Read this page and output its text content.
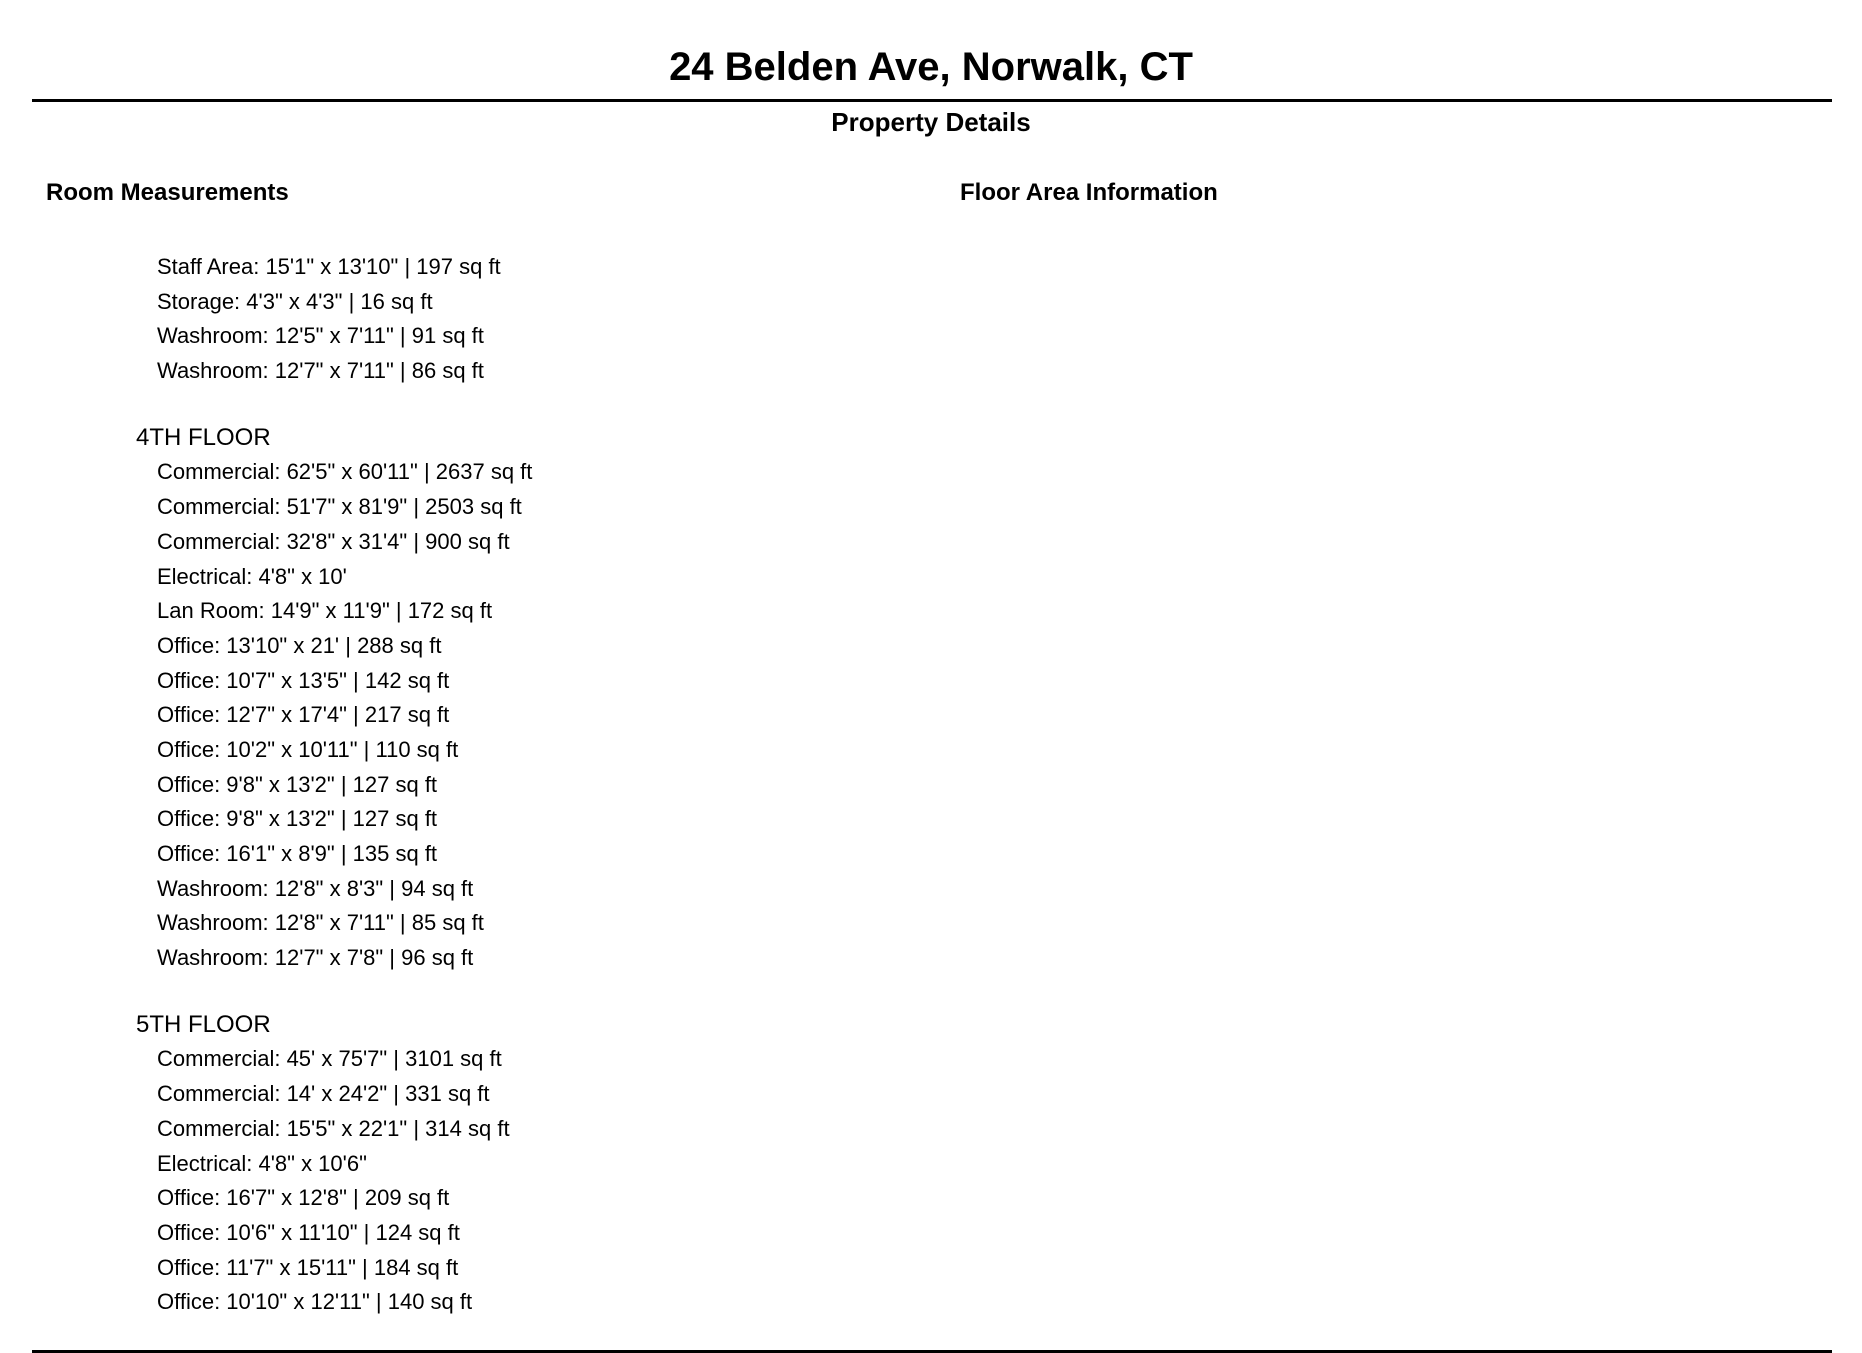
24 Belden Ave, Norwalk, CT
Property Details
Room Measurements	Floor Area Information
Staff Area: 15'1" x 13'10" | 197 sq ft
Storage: 4'3" x 4'3" | 16 sq ft
Washroom: 12'5" x 7'11" | 91 sq ft
Washroom: 12'7" x 7'11" | 86 sq ft
4TH FLOOR
Commercial: 62'5" x 60'11" | 2637 sq ft
Commercial: 51'7" x 81'9" | 2503 sq ft
Commercial: 32'8" x 31'4" | 900 sq ft
Electrical: 4'8" x 10'
Lan Room: 14'9" x 11'9" | 172 sq ft
Office: 13'10" x 21' | 288 sq ft
Office: 10'7" x 13'5" | 142 sq ft
Office: 12'7" x 17'4" | 217 sq ft
Office: 10'2" x 10'11" | 110 sq ft
Office: 9'8" x 13'2" | 127 sq ft
Office: 9'8" x 13'2" | 127 sq ft
Office: 16'1" x 8'9" | 135 sq ft
Washroom: 12'8" x 8'3" | 94 sq ft
Washroom: 12'8" x 7'11" | 85 sq ft
Washroom: 12'7" x 7'8" | 96 sq ft
5TH FLOOR
Commercial: 45' x 75'7" | 3101 sq ft
Commercial: 14' x 24'2" | 331 sq ft
Commercial: 15'5" x 22'1" | 314 sq ft
Electrical: 4'8" x 10'6"
Office: 16'7" x 12'8" | 209 sq ft
Office: 10'6" x 11'10" | 124 sq ft
Office: 11'7" x 15'11" | 184 sq ft
Office: 10'10" x 12'11" | 140 sq ft
